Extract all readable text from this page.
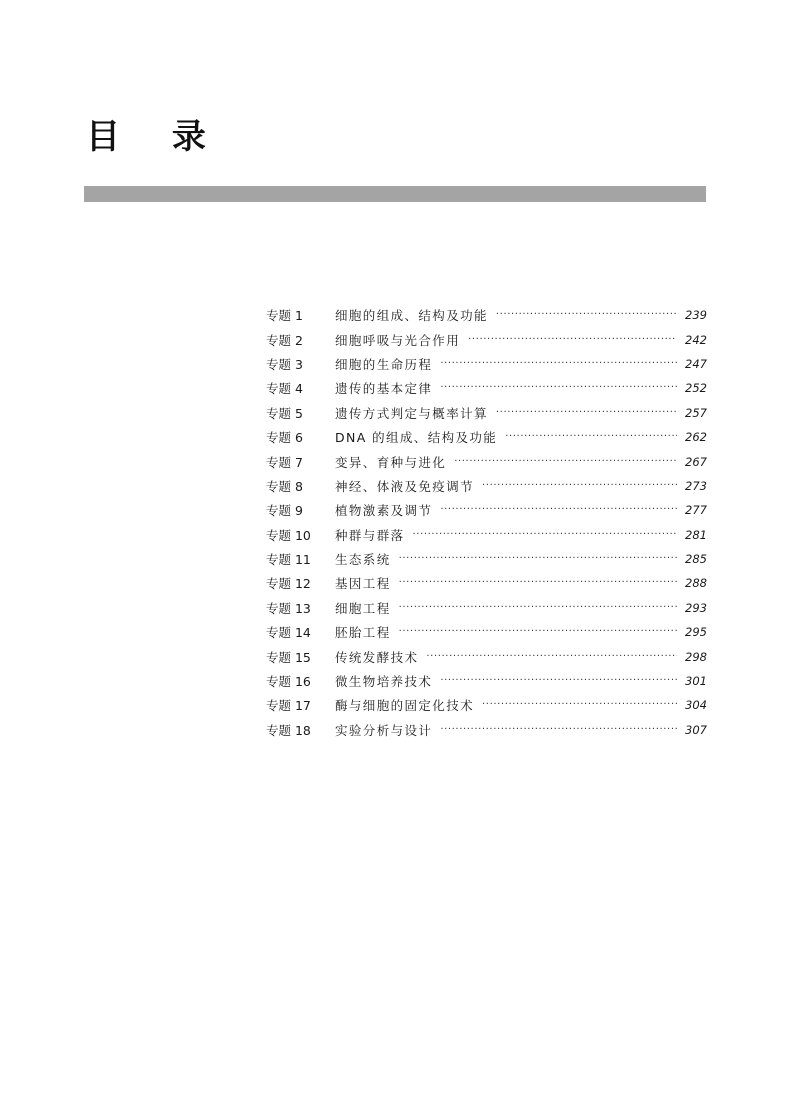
目 录
专题 1	细胞的组成、结构及功能 ·····	239
专题 2	细胞呼吸与光合作用 ·····	242
专题 3	细胞的生命历程 ·····	247
专题 4	遗传的基本定律 ·····	252
专题 5	遗传方式判定与概率计算 ·····	257
专题 6	DNA 的组成、结构及功能 ·····	262
专题 7	变异、育种与进化 ·····	267
专题 8	神经、体液及免疫调节 ·····	273
专题 9	植物激素及调节 ·····	277
专题 10	种群与群落 ·····	281
专题 11	生态系统 ·····	285
专题 12	基因工程 ·····	288
专题 13	细胞工程 ·····	293
专题 14	胚胎工程 ·····	295
专题 15	传统发酵技术 ·····	298
专题 16	微生物培养技术 ·····	301
专题 17	酶与细胞的固定化技术 ·····	304
专题 18	实验分析与设计 ·····	307
